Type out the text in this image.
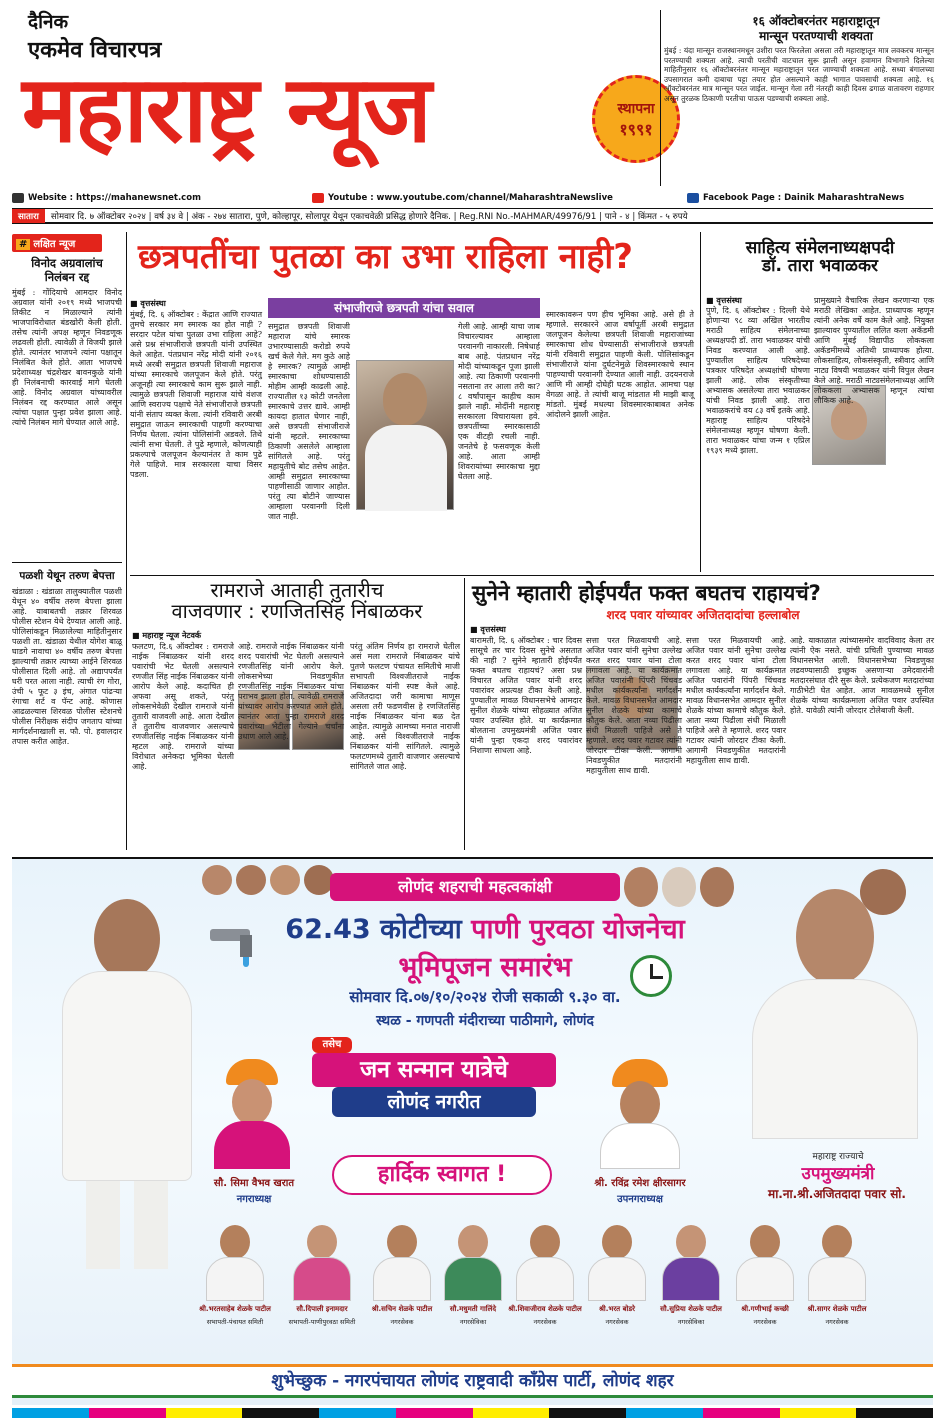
दैनिक
एकमेव विचारपत्र
महाराष्ट्र न्यूज	स्थापना
१९९१
१६ ऑक्टोबरनंतर महाराष्ट्रातून
मान्सून परतण्याची शक्यता
मुंबई : यंदा मान्सून राजस्थानमधून उशीरा परत फिरलेला असला तरी महाराष्ट्रातून मात्र लवकरच मान्सून परतण्याची शक्यता आहे. त्याची परतीची वाटचाल सुरू झाली असून हवामान विभागाने दिलेल्या माहितीनुसार १६ ऑक्टोबरनंतर मान्सून महाराष्ट्रातून परत जाण्याची शक्यता आहे. सध्या बंगालच्या उपसागरात कमी दाबाचा पट्टा तयार होत असल्याने काही भागात पावसाची शक्यता आहे. १६ ऑक्टोबरनंतर मात्र मान्सून परत जाईल. मान्सून गेला तरी नंतरही काही दिवस ढगाळ वातावरण राहणार असून तुरळक ठिकाणी परतीचा पाऊस पडण्याची शक्यता आहे.
Website : https://mahanewsnet.com	Youtube : www.youtube.com/channel/MaharashtraNewslive	Facebook Page : Dainik MaharashtraNews
सातारा	सोमवार दि. ७ ऑक्टोबर २०२४ | वर्ष ३४ वे | अंक - २७४ सातारा, पुणे, कोल्हापूर, सोलापूर येथून एकाचवेळी प्रसिद्ध होणारे दैनिक. | Reg.RNI No.-MAHMAR/49976/91 | पाने - ४ | किंमत - ५ रुपये
# लक्षित न्यूज
विनोद अग्रवालांच
निलंबन रद्द
मुंबई : गोंदियाचे आमदार विनोद अग्रवाल यांनी २०१९ मध्ये भाजपची तिकीट न मिळाल्याने त्यांनी भाजपाविरोधात बंडखोरी केली होती. तसेच त्यांनी अपक्ष म्हणून निवडणूक लढवली होती. त्यावेळी ते विजयी झाले होते. त्यानंतर भाजपने त्यांना पक्षातून निलंबित केले होते. आता भाजपचे प्रदेशाध्यक्ष चंद्रशेखर बावनकुळे यांनी ही निलंबनाची कारवाई मागे घेतली आहे. विनोद अग्रवाल यांच्यावरील निलंबन रद्द करण्यात आले असून त्यांचा पक्षात पुन्हा प्रवेश झाला आहे. त्यांचे निलंबन मागे घेण्यात आले आहे.
पळशी येथून तरुण बेपत्ता
खंडाळा : खंडाळा तालुक्यातील पळशी येथून ४० वर्षीय तरुण बेपत्ता झाला आहे. याबाबतची तक्रार शिरवळ पोलीस स्टेशन येथे देण्यात आली आहे. पोलिसांकडून मिळालेल्या माहितीनुसार पळशी ता. खंडाळा येथील योगेश बाळू घाडगे नावाचा ४० वर्षीय तरुण बेपत्ता झाल्याची तक्रार त्याच्या आईने शिरवळ पोलीसात दिली आहे. तो अद्यापपर्यंत घरी परत आला नाही. त्याची रंग गोरा, उंची ५ फूट ३ इंच, अंगात पांढऱ्या रंगाचा शर्ट व पॅन्ट आहे. कोणास आढळल्यास शिरवळ पोलीस स्टेशनचे पोलीस निरीक्षक संदीप जगताप यांच्या मार्गदर्शनाखाली स. फौ. पो. हवालदार तपास करीत आहेत.
छत्रपतींचा पुतळा का उभा राहिला नाही?
■ वृत्तसंस्था	संभाजीराजे छत्रपती यांचा सवाल
मुंबई, दि. ६ ऑक्टोबर : केंद्रात आणि राज्यात तुमचे सरकार मग स्मारक का होत नाही ? सरदार पटेल यांचा पुतळा उभा राहिला आहे? असे प्रश्न संभाजीराजे छत्रपती यांनी उपस्थित केले आहेत. पंतप्रधान नरेंद्र मोदी यांनी २०१६ मध्ये अरबी समुद्रात छत्रपती शिवाजी महाराज यांच्या स्मारकाचे जलपूजन केले होते. परंतु अजूनही त्या स्मारकाचे काम सुरू झाले नाही. त्यामुळे छत्रपती शिवाजी महाराज यांचे वंशज आणि स्वराज्य पक्षाचे नेते संभाजीराजे छत्रपती यांनी संताप व्यक्त केला. त्यांनी रविवारी अरबी समुद्रात जाऊन स्मारकाची पाहणी करण्याचा निर्णय घेतला. त्यांना पोलिसांनी अडवले. तिथे त्यांनी सभा घेतली. ते पुढे म्हणाले, कोणत्याही प्रकल्पाचे जलपूजन केल्यानंतर ते काम पुढे गेले पाहिजे. मात्र सरकारला याचा विसर पडला.
समुद्रात छत्रपती शिवाजी महाराज यांचे स्मारक उभारण्यासाठी करोडो रुपये खर्च केले गेले. मग कुठे आहे हे स्मारक? त्यामुळे आम्ही स्मारकाचा शोधण्यासाठी मोहीम आम्ही काढली आहे. राज्यातील १३ कोटी जनतेला स्मारकाचे उत्तर द्यावे. आम्ही कायदा हातात घेणार नाही, असे छत्रपती संभाजीराजे यांनी म्हटले. स्मारकाच्या ठिकाणी असलेले आम्हाला सांगितले आहे. परंतु महायुतीचे बोट तसेच आहेत. आम्ही समुद्रात स्मारकाच्या पाहणीसाठी जाणार आहोत. परंतु त्या बोटीने जाण्यास आम्हाला परवानगी दिली जात नाही.
गेली आहे. आम्ही याचा जाब विचारल्यावर आम्हाला परवानगी नाकारली. निषेधार्ह बाब आहे. पंतप्रधान नरेंद्र मोदी यांच्याकडून पूजा झाली आहे. त्या ठिकाणी परवानगी नसताना तर आला तरी का? ८ वर्षांपासून काहीच काम झाले नाही. मोदींनी महाराष्ट्र सरकारला विचारायला हवे. छत्रपतींच्या स्मारकासाठी एक वीटही रचली नाही. जनतेचे हे फसवणूक केली आहे. आता आम्ही शिवरायांच्या स्मारकाचा मुद्दा घेतला आहे.
स्मारकावरून पण हीच भूमिका आहे. असे ही ते म्हणाले. सरकारने आज वर्षापूर्ती अरबी समुद्रात जलपूजन केलेल्या छत्रपती शिवाजी महाराजांच्या स्मारकाचा शोध घेण्यासाठी संभाजीराजे छत्रपती यांनी रविवारी समुद्रात पाहणी केली. पोलिसांकडून संभाजीराजे यांना दुर्घटनेमुळे शिवस्मारकाचे स्थान पाहण्याची परवानगी देण्यात आली नाही. उदयनराजे आणि मी आम्ही दोघेही घटक आहोत. आमचा पक्ष वेगळा आहे. ते त्यांची बाजू मांडतात मी माझी बाजू मांडतो. मुंबई मधल्या शिवस्मारकाबाबत अनेक आंदोलने झाली आहेत.
साहित्य संमेलनाध्यक्षपदी
डॉ. तारा भवाळकर
■ वृत्तसंस्था
पुणे, दि. ६ ऑक्टोबर : दिल्ली येथे होणाऱ्या ९८ व्या अखिल भारतीय मराठी साहित्य संमेलनाच्या अध्यक्षपदी डॉ. तारा भवाळकर यांची निवड करण्यात आली आहे. पुण्यातील साहित्य परिषदेच्या पत्रकार परिषदेत अध्यक्षांची घोषणा झाली आहे. लोक संस्कृतीच्या अभ्यासक असलेल्या तारा भवाळकर यांची निवड झाली आहे. तारा भवाळकरांचे वय ८३ वर्षे इतके आहे. महाराष्ट्र साहित्य परिषदेने संमेलनाध्यक्ष म्हणून घोषणा केली. तारा भवाळकर यांचा जन्म १ एप्रिल १९३९ मध्ये झाला.
प्रामुख्याने वैचारिक लेखन करणाऱ्या एक मराठी लेखिका आहेत. प्राध्यापक म्हणून त्यांनी अनेक वर्षे काम केले आहे. नियुक्त झाल्यावर पुण्यातील ललित कला अकॅडमी आणि मुंबई विद्यापीठ लोककला अकॅडमीमध्ये अतिथी प्राध्यापक होत्या. लोकसाहित्य, लोकसंस्कृती, स्त्रीवाद आणि नाट्य विषयी भवाळकर यांनी विपुल लेखन केले आहे. मराठी नाट्यसंमेलनाध्यक्ष आणि लोककला अभ्यासक म्हणून त्यांचा लौकिक आहे.
रामराजे आताही तुतारीच
वाजवणार : रणजितसिंह निंबाळकर
■ महाराष्ट्र न्यूज नेटवर्क
फलटण, दि.६ ऑक्टोबर : रामराजे नाईक निंबाळकर यांनी शरद पवारांची भेट घेतली असल्याने रणजीत सिंह नाईक निंबाळकर यांनी आरोप केले आहे. कदाचित ही अफवा असू शकते, परंतु लोकसभेवेळी देखील रामराजे यांनी तुतारी वाजवली आहे. आता देखील ते तुतारीच वाजवणार असल्याचे रणजीतसिंह नाईक निंबाळकर यांनी म्हटल आहे. रामराजे यांच्या विरोधात अनेकदा भूमिका घेतली आहे.
आहे. रामराजे नाईक निंबाळकर यांनी शरद पवारांची भेट घेतली असल्याने रणजीतसिंह यांनी आरोप केले. लोकसभेच्या निवडणुकीत रणजीतसिंह नाईक निंबाळकर यांचा पराभव झाला होता. त्यावेळी रामराजे यांच्यावर आरोप करण्यात आले होते. त्यानंतर आता पुन्हा रामराजे शरद पवारांच्या भेटीला गेल्याने चर्चांना उधाण आले आहे.
परंतु अंतिम निर्णय हा रामराजे घेतील असं मला रामराजे निंबाळकर यांचे पुतणे फलटण पंचायत समितीचे माजी सभापती विश्वजीतराजे नाईक निंबाळकर यांनी स्पष्ट केले आहे. अजितदादा जरी कामाचा माणूस असला तरी फडणवीस हे रणजितसिंह नाईक निंबाळकर यांना बळ देत आहेत. त्यामुळे आमच्या मनात नाराजी आहे. असे विश्वजीतराजे नाईक निंबाळकर यांनी सांगितले. त्यामुळे फलटणमध्ये तुतारी वाजणार असल्याचे सांगितले जात आहे.
सुनेने म्हातारी होईपर्यंत फक्त बघतच राहायचं?
शरद पवार यांच्यावर अजितदादांचा हल्लाबोल
■ वृत्तसंस्था
बारामती, दि. ६ ऑक्टोबर : चार दिवस सासूचे तर चार दिवस सुनेचे असतात की नाही ? सुनेने म्हातारी होईपर्यंत फक्त बघतच राहायचं? असा प्रश्न विचारत अजित पवार यांनी शरद पवारांवर अप्रत्यक्ष टीका केली आहे. पुण्यातील मावळ विधानसभेचे आमदार सुनील शेळके यांच्या सोहळ्यात अजित पवार उपस्थित होते. या कार्यक्रमात बोलताना उपमुख्यमंत्री अजित पवार यांनी पुन्हा एकदा शरद पवारांवर निशाणा साधला आहे.
सत्ता परत मिळवायची आहे. अजित पवार यांनी सुनेचा उल्लेख करत शरद पवार यांना टोला लगावला आहे. या कार्यक्रमात अजित पवारांनी पिंपरी चिंचवड मधील कार्यकर्त्यांना मार्गदर्शन केले. मावळ विधानसभेत आमदार सुनील शेळके यांच्या कामाचे कौतुक केले. आता नव्या पिढीला संधी मिळाली पाहिजे असे ते म्हणाले. शरद पवार गटावर त्यांनी जोरदार टीका केली. आगामी निवडणुकीत मतदारांनी महायुतीला साथ द्यावी.
आहे. याकाळात त्यांच्यासमोर वादविवाद केला तर त्यांनी ऐक नसते. यांची प्रचिती पुण्याच्या मावळ विधानसभेत आली. विधानसभेच्या निवडणुका लढवण्यासाठी इच्छुक असणाऱ्या उमेदवारांनी मतदारसंघात दौरे सुरू केले. प्रत्येकजण मतदारांच्या गाठीभेटी घेत आहेत. आज मावळमध्ये सुनील शेळके यांच्या कार्यक्रमाला अजित पवार उपस्थित होते. यावेळी त्यांनी जोरदार टोलेबाजी केली.
सत्ता परत मिळवायची आहे. अजित पवार यांनी सुनेचा उल्लेख करत शरद पवार यांना टोला लगावला आहे. या कार्यक्रमात अजित पवारांनी पिंपरी चिंचवड मधील कार्यकर्त्यांना मार्गदर्शन केले. मावळ विधानसभेत आमदार सुनील शेळके यांच्या कामाचे कौतुक केले. आता नव्या पिढीला संधी मिळाली पाहिजे असे ते म्हणाले. शरद पवार गटावर त्यांनी जोरदार टीका केली. आगामी निवडणुकीत मतदारांनी महायुतीला साथ द्यावी.
लोणंद शहराची महत्वकांक्षी
62.43 कोटीच्या पाणी पुरवठा योजनेचा
भूमिपूजन समारंभ
सोमवार दि.०७/१०/२०२४ रोजी सकाळी ९.३० वा.
स्थळ - गणपती मंदीराच्या पाठीमागे, लोणंद
तसेच
जन सन्मान यात्रेचे
लोणंद नगरीत
हार्दिक स्वागत !
सौ. सिमा वैभव खरात
नगराध्यक्ष
श्री. रविंद्र रमेश क्षीरसागर
उपनगराध्यक्ष
महाराष्ट्र राज्याचे
उपमुख्यमंत्री
मा.ना.श्री.अजितदादा पवार सो.
श्री.भरतसाहेब शेळके पाटील
सभापती-पंचायत समिती
सौ.दिपाली इनामदार
सभापती-पाणीपुरवठा समिती
श्री.सचिन शेळके पाटील
नगरसेवक
सौ.मधुमती गालिंदे
नगरसेविका
श्री.शिवाजीराव शेळके पाटील
नगरसेवक
श्री.भरत बोडरे
नगरसेवक
सौ.सुप्रिया शेळके पाटील
नगरसेविका
श्री.गणीभाई कच्छी
नगरसेवक
श्री.सागर शेळके पाटील
नगरसेवक
शुभेच्छुक - नगरपंचायत लोणंद राष्ट्रवादी काँग्रेस पार्टी, लोणंद शहर
